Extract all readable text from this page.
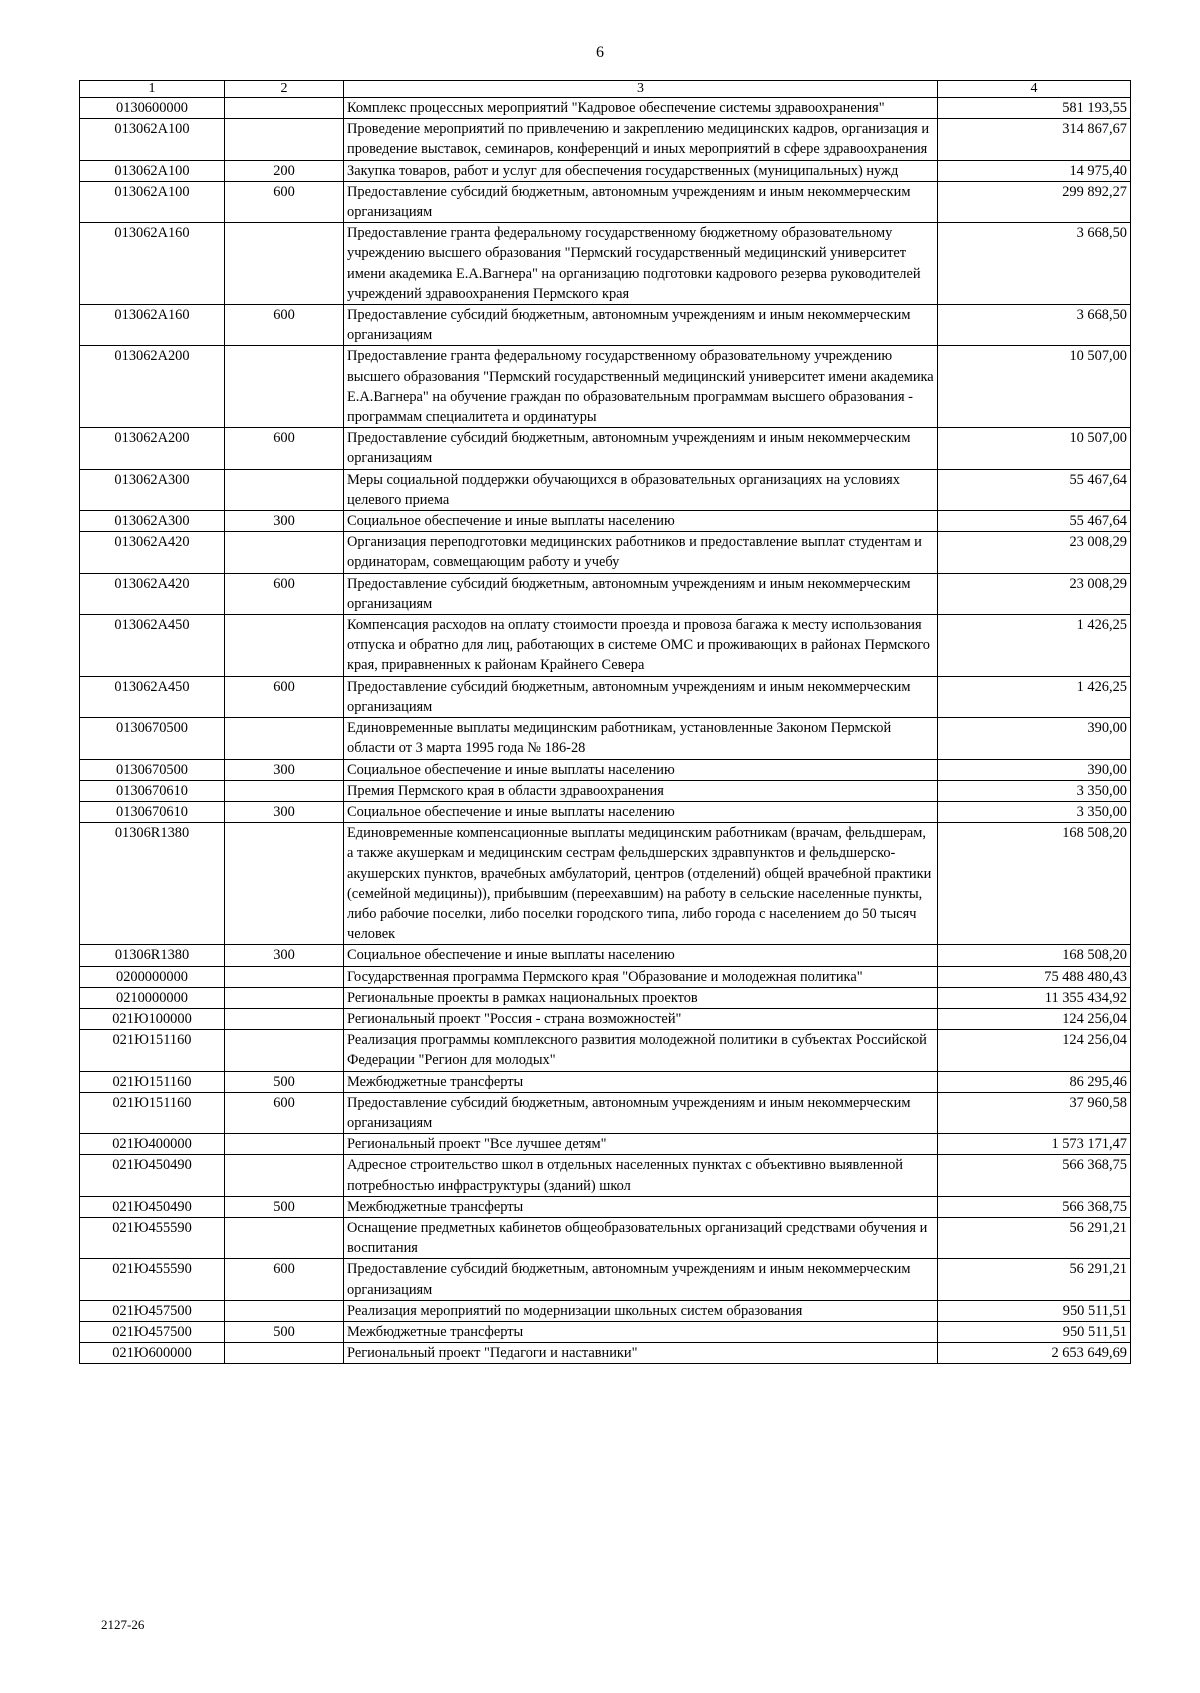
6
1	2	3	4
0130600000		Комплекс процессных мероприятий "Кадровое обеспечение системы здравоохранения"	581 193,55
013062А100		Проведение мероприятий по привлечению и закреплению медицинских кадров, организация и проведение выставок, семинаров, конференций и иных мероприятий в сфере здравоохранения	314 867,67
013062А100	200	Закупка товаров, работ и услуг для обеспечения государственных (муниципальных) нужд	14 975,40
013062А100	600	Предоставление субсидий бюджетным, автономным учреждениям и иным некоммерческим организациям	299 892,27
013062А160		Предоставление гранта федеральному государственному бюджетному образовательному учреждению высшего образования "Пермский государственный медицинский университет имени академика Е.А.Вагнера" на организацию подготовки кадрового резерва руководителей учреждений здравоохранения Пермского края	3 668,50
013062А160	600	Предоставление субсидий бюджетным, автономным учреждениям и иным некоммерческим организациям	3 668,50
013062А200		Предоставление гранта федеральному государственному образовательному учреждению высшего образования "Пермский государственный медицинский университет имени академика Е.А.Вагнера" на обучение граждан по образовательным программам высшего образования - программам специалитета и ординатуры	10 507,00
013062А200	600	Предоставление субсидий бюджетным, автономным учреждениям и иным некоммерческим организациям	10 507,00
013062А300		Меры социальной поддержки обучающихся в образовательных организациях на условиях целевого приема	55 467,64
013062А300	300	Социальное обеспечение и иные выплаты населению	55 467,64
013062А420		Организация переподготовки медицинских работников и предоставление выплат студентам и ординаторам, совмещающим работу и учебу	23 008,29
013062А420	600	Предоставление субсидий бюджетным, автономным учреждениям и иным некоммерческим организациям	23 008,29
013062А450		Компенсация расходов на оплату стоимости проезда и провоза багажа к месту использования отпуска и обратно для лиц, работающих в системе ОМС и проживающих в районах Пермского края, приравненных к районам Крайнего Севера	1 426,25
013062А450	600	Предоставление субсидий бюджетным, автономным учреждениям и иным некоммерческим организациям	1 426,25
0130670500		Единовременные выплаты медицинским работникам, установленные Законом Пермской области от 3 марта 1995 года № 186-28	390,00
0130670500	300	Социальное обеспечение и иные выплаты населению	390,00
0130670610		Премия Пермского края в области здравоохранения	3 350,00
0130670610	300	Социальное обеспечение и иные выплаты населению	3 350,00
01306R1380		Единовременные компенсационные выплаты медицинским работникам (врачам, фельдшерам, а также акушеркам и медицинским сестрам фельдшерских здравпунктов и фельдшерско-акушерских пунктов, врачебных амбулаторий, центров (отделений) общей врачебной практики (семейной медицины)), прибывшим (переехавшим) на работу в сельские населенные пункты, либо рабочие поселки, либо поселки городского типа, либо города с населением до 50 тысяч человек	168 508,20
01306R1380	300	Социальное обеспечение и иные выплаты населению	168 508,20
0200000000		Государственная программа Пермского края "Образование и молодежная политика"	75 488 480,43
0210000000		Региональные проекты в рамках национальных проектов	11 355 434,92
021Ю100000		Региональный проект "Россия - страна возможностей"	124 256,04
021Ю151160		Реализация программы комплексного развития молодежной политики в субъектах Российской Федерации "Регион для молодых"	124 256,04
021Ю151160	500	Межбюджетные трансферты	86 295,46
021Ю151160	600	Предоставление субсидий бюджетным, автономным учреждениям и иным некоммерческим организациям	37 960,58
021Ю400000		Региональный проект "Все лучшее детям"	1 573 171,47
021Ю450490		Адресное строительство школ в отдельных населенных пунктах с объективно выявленной потребностью инфраструктуры (зданий) школ	566 368,75
021Ю450490	500	Межбюджетные трансферты	566 368,75
021Ю455590		Оснащение предметных кабинетов общеобразовательных организаций средствами обучения и воспитания	56 291,21
021Ю455590	600	Предоставление субсидий бюджетным, автономным учреждениям и иным некоммерческим организациям	56 291,21
021Ю457500		Реализация мероприятий по модернизации школьных систем образования	950 511,51
021Ю457500	500	Межбюджетные трансферты	950 511,51
021Ю600000		Региональный проект "Педагоги и наставники"	2 653 649,69
2127-26
